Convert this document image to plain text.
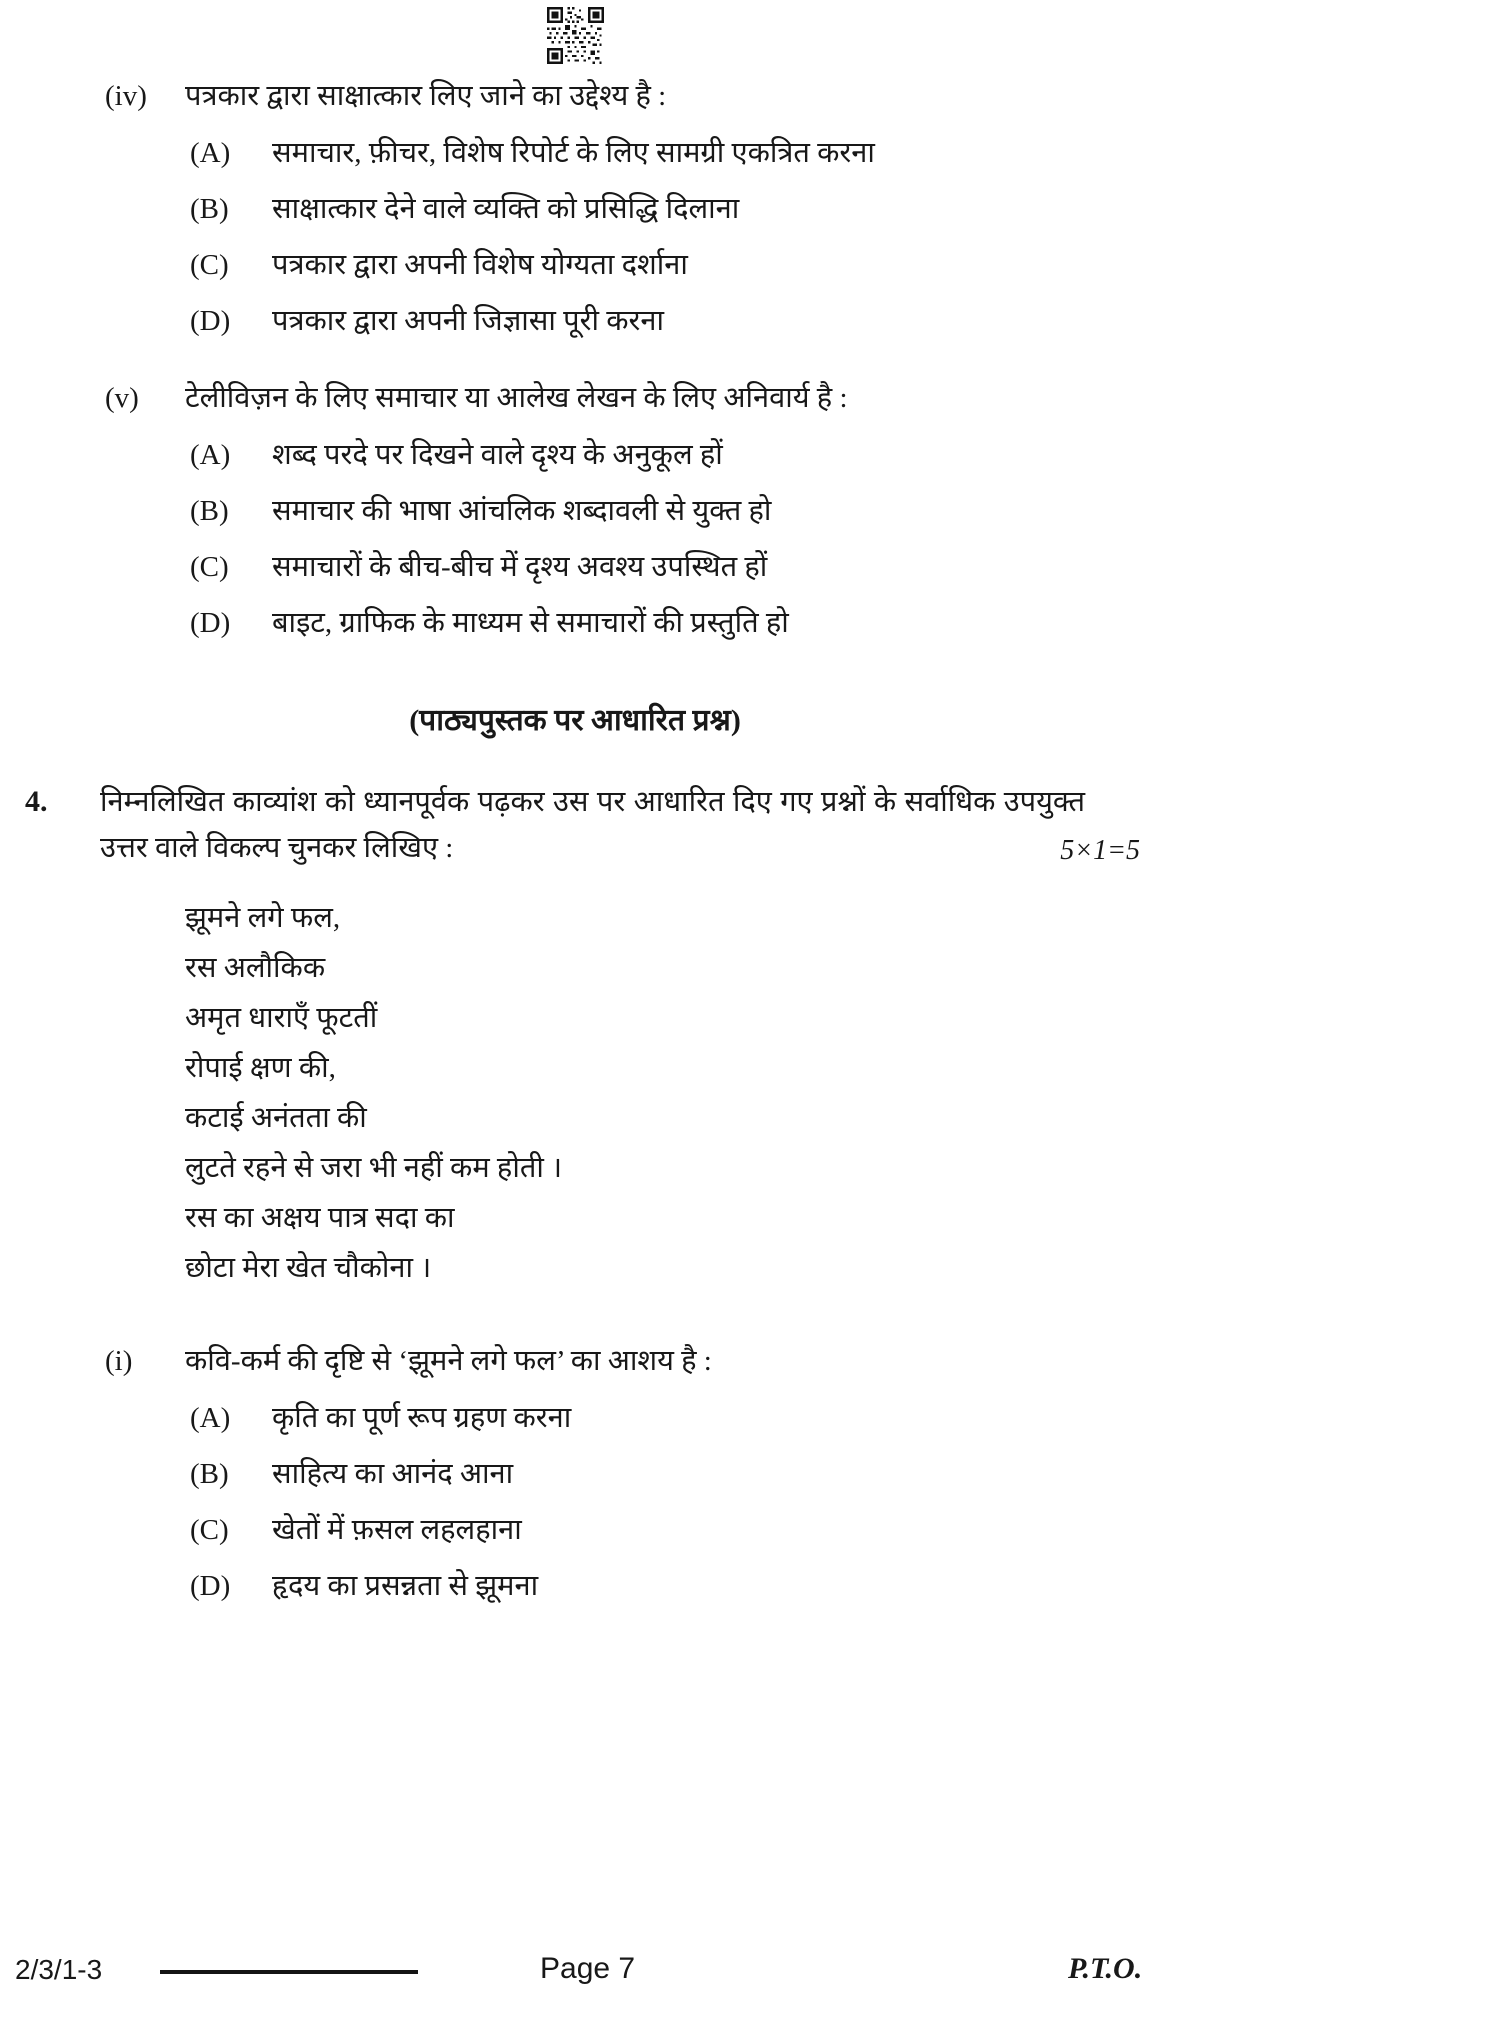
(iv)	पत्रकार द्वारा साक्षात्कार लिए जाने का उद्देश्य है :
(A)	समाचार, फ़ीचर, विशेष रिपोर्ट के लिए सामग्री एकत्रित करना
(B)	साक्षात्कार देने वाले व्यक्ति को प्रसिद्धि दिलाना
(C)	पत्रकार द्वारा अपनी विशेष योग्यता दर्शाना
(D)	पत्रकार द्वारा अपनी जिज्ञासा पूरी करना
(v)	टेलीविज़न के लिए समाचार या आलेख लेखन के लिए अनिवार्य है :
(A)	शब्द परदे पर दिखने वाले दृश्य के अनुकूल हों
(B)	समाचार की भाषा आंचलिक शब्दावली से युक्त हो
(C)	समाचारों के बीच-बीच में दृश्य अवश्य उपस्थित हों
(D)	बाइट, ग्राफिक के माध्यम से समाचारों की प्रस्तुति हो
(पाठ्यपुस्तक पर आधारित प्रश्न)
4.	निम्नलिखित काव्यांश को ध्यानपूर्वक पढ़कर उस पर आधारित दिए गए प्रश्नों के सर्वाधिक उपयुक्त उत्तर वाले विकल्प चुनकर लिखिए :	5×1=5
झूमने लगे फल,
रस अलौकिक
अमृत धाराएँ फूटतीं
रोपाई क्षण की,
कटाई अनंतता की
लुटते रहने से जरा भी नहीं कम होती ।
रस का अक्षय पात्र सदा का
छोटा मेरा खेत चौकोना ।
(i)	कवि-कर्म की दृष्टि से ‘झूमने लगे फल’ का आशय है :
(A)	कृति का पूर्ण रूप ग्रहण करना
(B)	साहित्य का आनंद आना
(C)	खेतों में फ़सल लहलहाना
(D)	हृदय का प्रसन्नता से झूमना
2/3/1-3	Page 7	P.T.O.
